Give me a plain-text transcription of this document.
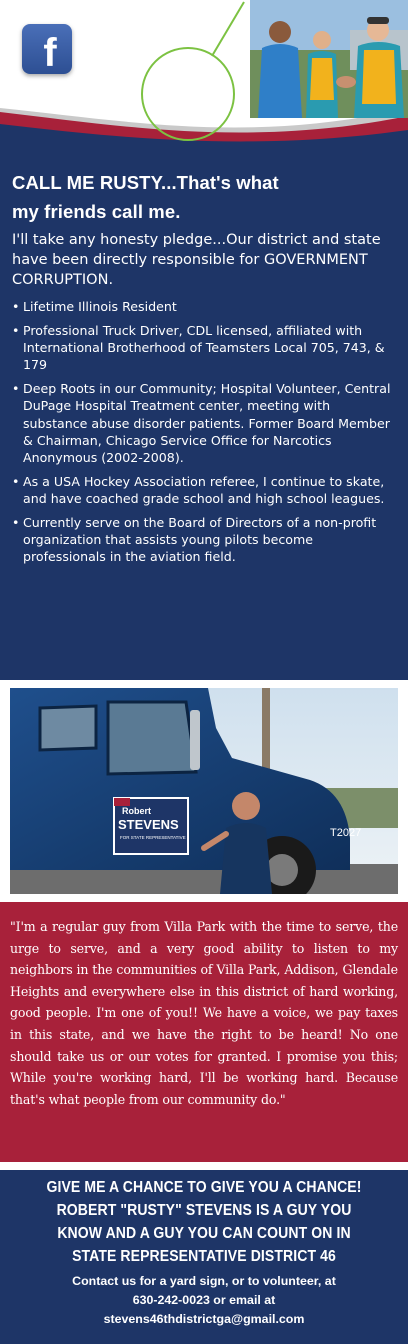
f
CALL ME RUSTY...That's what
my friends call me.

I'll take any honesty pledge...Our district and state have been directly responsible for GOVERNMENT CORRUPTION.

• Lifetime Illinois Resident
• Professional Truck Driver, CDL licensed, affiliated with International Brotherhood of Teamsters Local 705, 743, & 179
• Deep Roots in our Community; Hospital Volunteer, Central DuPage Hospital Treatment center, meeting with substance abuse disorder patients. Former Board Member & Chairman, Chicago Service Office for Narcotics Anonymous (2002-2008).
• As a USA Hockey Association referee, I continue to skate, and have coached grade school and high school leagues.
• Currently serve on the Board of Directors of a non-profit organization that assists young pilots become professionals in the aviation field.
Robert
STEVENS
FOR STATE REPRESENTATIVE	T2027

"I'm a regular guy from Villa Park with the time to serve, the urge to serve, and a very good ability to listen to my neighbors in the communities of Villa Park, Addison, Glendale Heights and everywhere else in this district of hard working, good people. I'm one of you!! We have a voice, we pay taxes in this state, and we have the right to be heard! No one should take us or our votes for granted. I promise you this; While you're working hard, I'll be working hard. Because that's what people from our community do."

GIVE ME A CHANCE TO GIVE YOU A CHANCE!
ROBERT "RUSTY" STEVENS IS A GUY YOU
KNOW AND A GUY YOU CAN COUNT ON IN
STATE REPRESENTATIVE DISTRICT 46
Contact us for a yard sign, or to volunteer, at
630-242-0023 or email at
stevens46thdistrictga@gmail.com
